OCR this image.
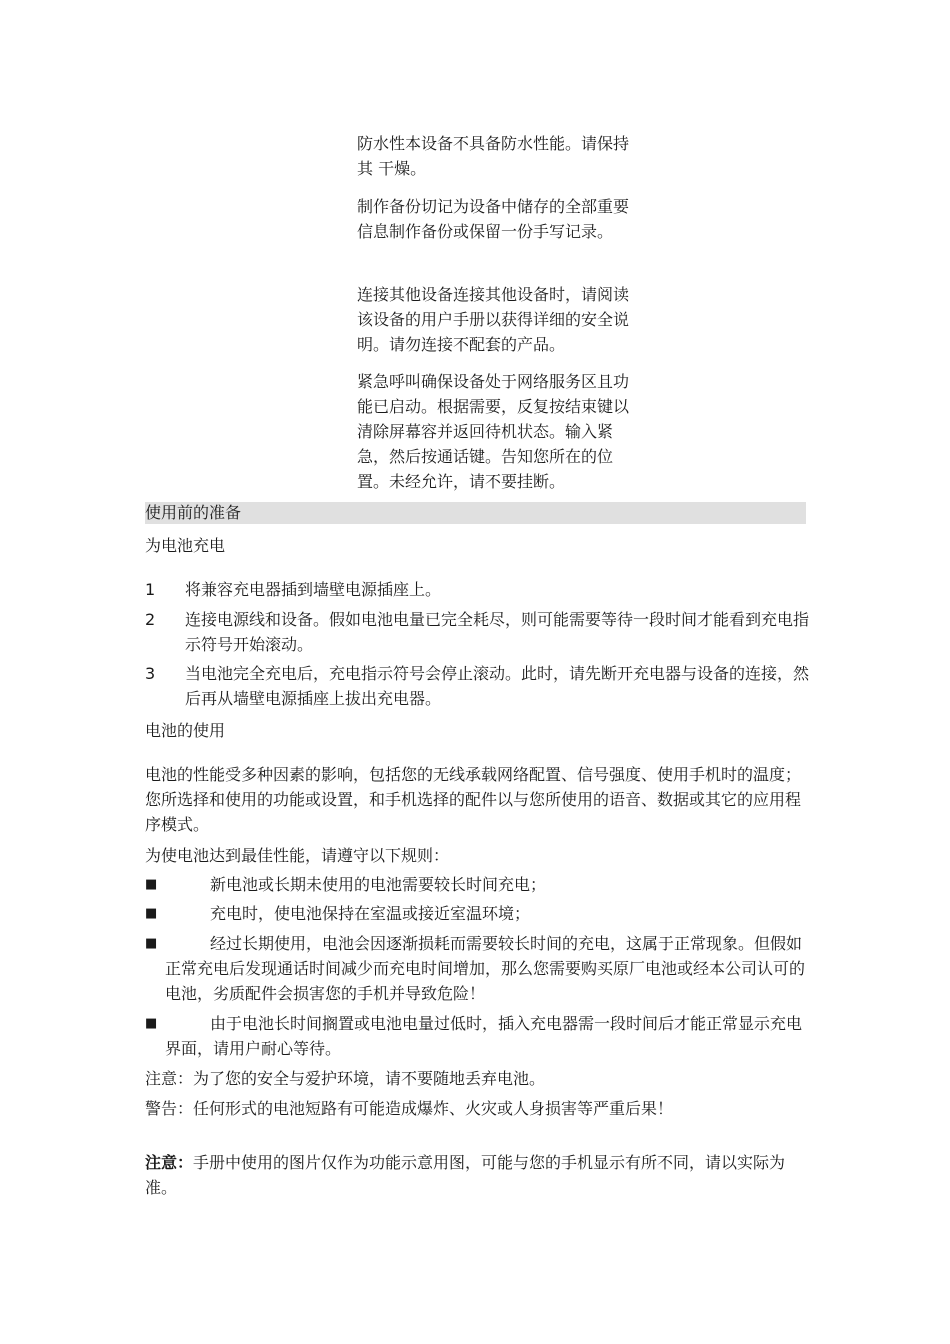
防水性本设备不具备防水性能。请保持其 干燥。

制作备份切记为设备中储存的全部重要信息制作备份或保留一份手写记录。

连接其他设备连接其他设备时，请阅读该设备的用户手册以获得详细的安全说明。请勿连接不配套的产品。

紧急呼叫确保设备处于网络服务区且功能已启动。根据需要，反复按结束键以清除屏幕容并返回待机状态。输入紧急，然后按通话键。告知您所在的位置。未经允许，请不要挂断。

使用前的准备
为电池充电
1	将兼容充电器插到墙壁电源插座上。
2	连接电源线和设备。假如电池电量已完全耗尽，则可能需要等待一段时间才能看到充电指示符号开始滚动。
3	当电池完全充电后，充电指示符号会停止滚动。此时，请先断开充电器与设备的连接，然后再从墙壁电源插座上拔出充电器。
电池的使用
电池的性能受多种因素的影响，包括您的无线承载网络配置、信号强度、使用手机时的温度；您所选择和使用的功能或设置，和手机选择的配件以与您所使用的语音、数据或其它的应用程序模式。
为使电池达到最佳性能，请遵守以下规则：
■	新电池或长期未使用的电池需要较长时间充电；
■	充电时，使电池保持在室温或接近室温环境；
■	经过长期使用，电池会因逐渐损耗而需要较长时间的充电，这属于正常现象。但假如正常充电后发现通话时间减少而充电时间增加，那么您需要购买原厂电池或经本公司认可的电池，劣质配件会损害您的手机并导致危险！
■	由于电池长时间搁置或电池电量过低时，插入充电器需一段时间后才能正常显示充电界面，请用户耐心等待。
注意：为了您的安全与爱护环境，请不要随地丢弃电池。
警告：任何形式的电池短路有可能造成爆炸、火灾或人身损害等严重后果！
注意：手册中使用的图片仅作为功能示意用图，可能与您的手机显示有所不同，请以实际为准。
